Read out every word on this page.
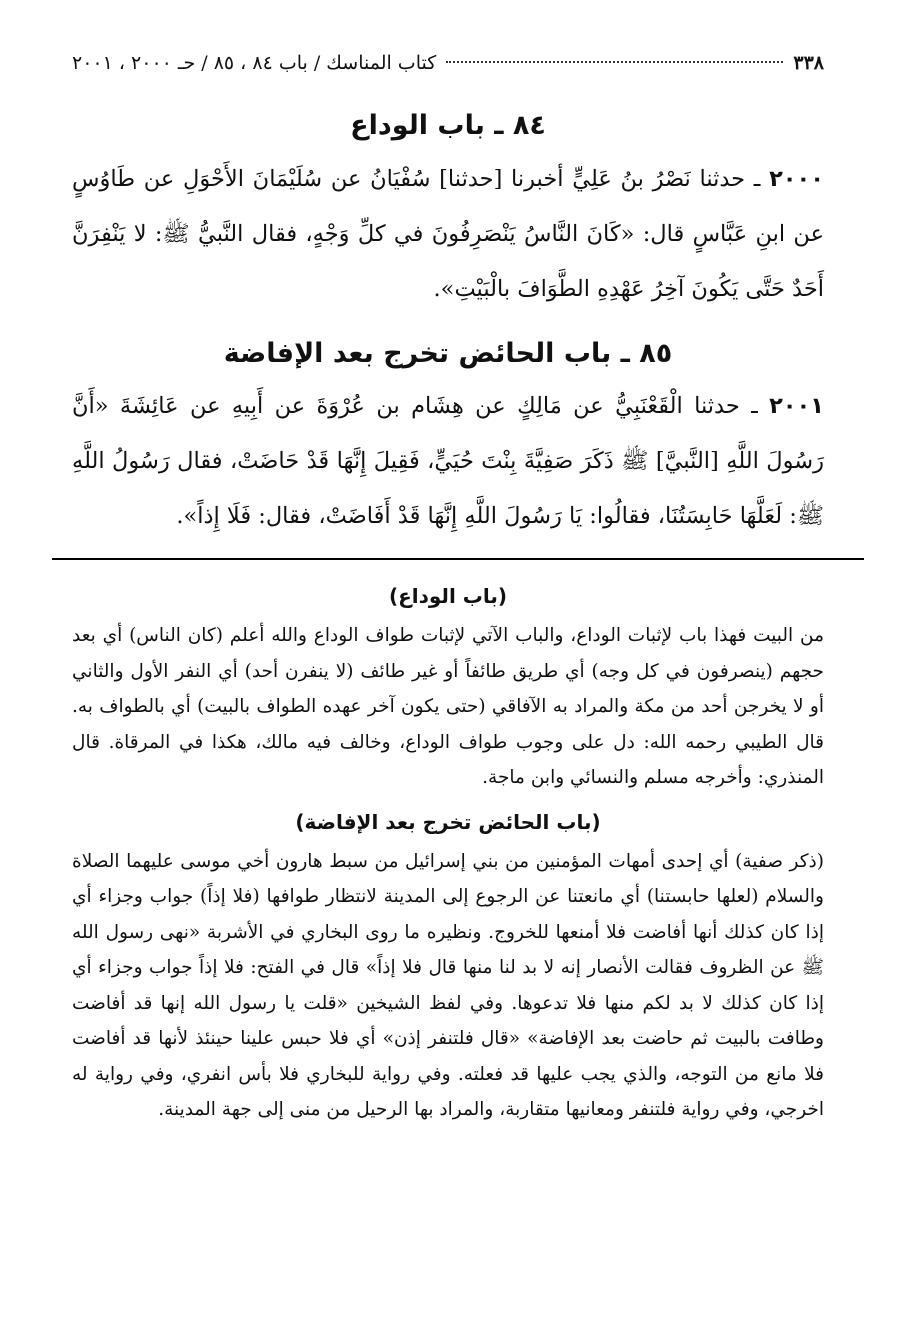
٣٣٨
كتاب المناسك / باب ٨٤ ، ٨٥ / حـ ٢٠٠٠ ، ٢٠٠١
٨٤ ـ باب الوداع

٢٠٠٠ ـ حدثنا نَصْرُ بنُ عَلِيٍّ أخبرنا [حدثنا] سُفْيَانُ عن سُلَيْمَانَ الأَحْوَلِ عن طَاوُسٍ عن ابنِ عَبَّاسٍ قال: «كَانَ النَّاسُ يَنْصَرِفُونَ في كلِّ وَجْهٍ، فقال النَّبيُّ ﷺ: لا يَنْفِرَنَّ أَحَدٌ حَتَّى يَكُونَ آخِرُ عَهْدِهِ الطَّوَافَ بالْبَيْتِ».

٨٥ ـ باب الحائض تخرج بعد الإفاضة

٢٠٠١ ـ حدثنا الْقَعْنَبِيُّ عن مَالِكٍ عن هِشَام بن عُرْوَةَ عن أَبِيهِ عن عَائِشَةَ «أَنَّ رَسُولَ اللَّهِ [النَّبيَّ] ﷺ ذَكَرَ صَفِيَّةَ بِنْتَ حُيَيٍّ، فَقِيلَ إِنَّهَا قَدْ حَاضَتْ، فقال رَسُولُ اللَّهِ ﷺ: لَعَلَّهَا حَابِسَتُنَا، فقالُوا: يَا رَسُولَ اللَّهِ إِنَّهَا قَدْ أَفَاضَتْ، فقال: فَلَا إِذاً».

(باب الوداع)

من البيت فهذا باب لإثبات الوداع، والباب الآتي لإثبات طواف الوداع والله أعلم (كان الناس) أي بعد حجهم (ينصرفون في كل وجه) أي طريق طائفاً أو غير طائف (لا ينفرن أحد) أي النفر الأول والثاني أو لا يخرجن أحد من مكة والمراد به الآفاقي (حتى يكون آخر عهده الطواف بالبيت) أي بالطواف به. قال الطيبي رحمه الله: دل على وجوب طواف الوداع، وخالف فيه مالك، هكذا في المرقاة. قال المنذري: وأخرجه مسلم والنسائي وابن ماجة.

(باب الحائض تخرج بعد الإفاضة)

(ذكر صفية) أي إحدى أمهات المؤمنين من بني إسرائيل من سبط هارون أخي موسى عليهما الصلاة والسلام (لعلها حابستنا) أي مانعتنا عن الرجوع إلى المدينة لانتظار طوافها (فلا إذاً) جواب وجزاء أي إذا كان كذلك أنها أفاضت فلا أمنعها للخروج. ونظيره ما روى البخاري في الأشربة «نهى رسول الله ﷺ عن الظروف فقالت الأنصار إنه لا بد لنا منها قال فلا إذاً» قال في الفتح: فلا إذاً جواب وجزاء أي إذا كان كذلك لا بد لكم منها فلا تدعوها. وفي لفظ الشيخين «قلت يا رسول الله إنها قد أفاضت وطافت بالبيت ثم حاضت بعد الإفاضة» «قال فلتنفر إذن» أي فلا حبس علينا حينئذ لأنها قد أفاضت فلا مانع من التوجه، والذي يجب عليها قد فعلته. وفي رواية للبخاري فلا بأس انفري، وفي رواية له اخرجي، وفي رواية فلتنفر ومعانيها متقاربة، والمراد بها الرحيل من منى إلى جهة المدينة.
